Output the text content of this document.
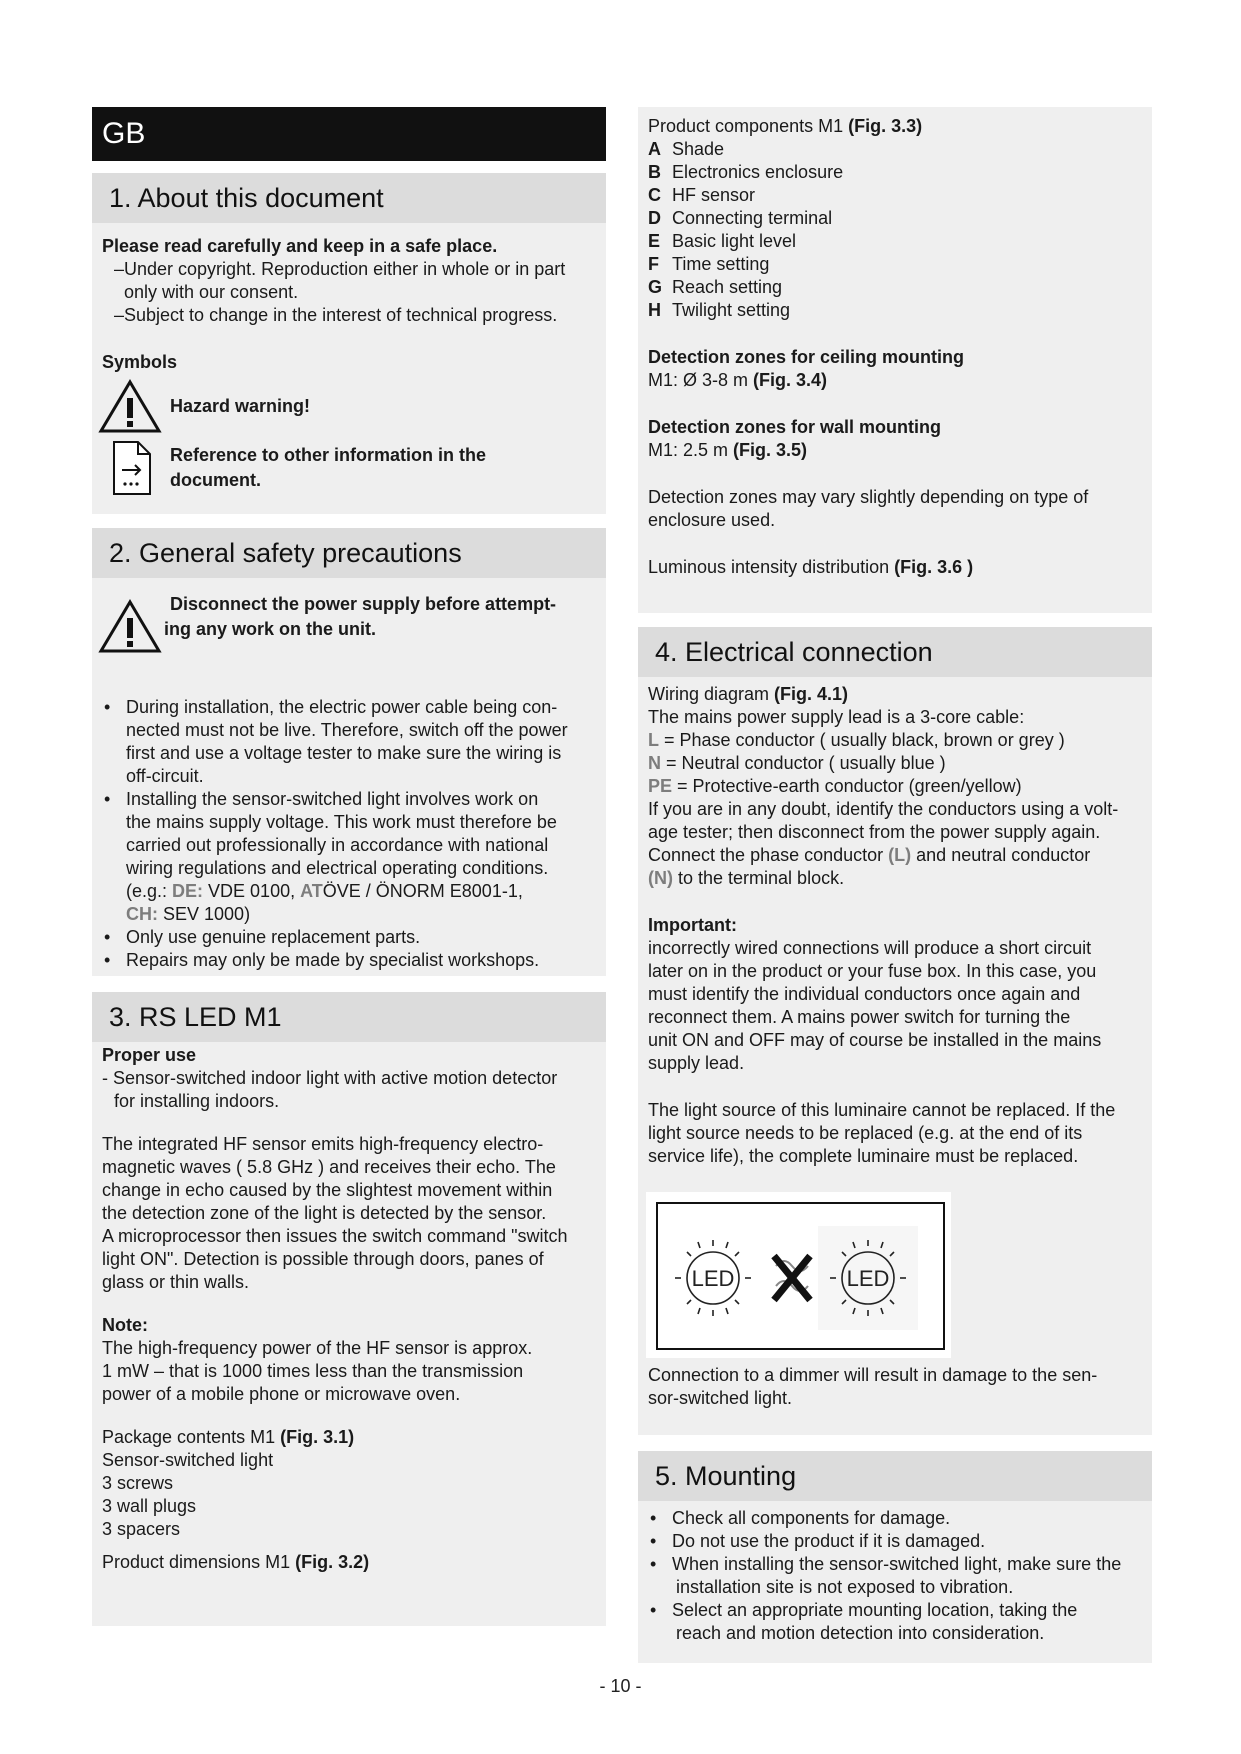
GB
1. About this document

Please read carefully and keep in a safe place.

–Under copyright. Reproduction either in whole or in part

only with our consent.

–Subject to change in the interest of technical progress.

Symbols

Hazard warning!
Reference to other information in the
document.
2. General safety precautions
Disconnect the power supply before attempt-
ing any work on the unit.
• During installation, the electric power cable being con-
nected must not be live. Therefore, switch off the power
first and use a voltage tester to make sure the wiring is
off-circuit.
• Installing the sensor-switched light involves work on
the mains supply voltage. This work must therefore be
carried out professionally in accordance with national
wiring regulations and electrical operating conditions.
(e.g.: DE: VDE 0100, ATÖVE / ÖNORM E8001-1,
CH: SEV 1000)
• Only use genuine replacement parts.
• Repairs may only be made by specialist workshops.
3. RS LED M1

Proper use

- Sensor-switched indoor light with active motion detector

for installing indoors.

The integrated HF sensor emits high-frequency electro-

magnetic waves ( 5.8 GHz ) and receives their echo. The

change in echo caused by the slightest movement within

the detection zone of the light is detected by the sensor.

A microprocessor then issues the switch command "switch

light ON". Detection is possible through doors, panes of

glass or thin walls.

Note:

The high-frequency power of the HF sensor is approx.

1 mW – that is 1000 times less than the transmission

power of a mobile phone or microwave oven.

Package contents M1 (Fig. 3.1)

Sensor-switched light

3 screws

3 wall plugs

3 spacers

Product dimensions M1 (Fig. 3.2)

Product components M1 (Fig. 3.3)

A Shade

B Electronics enclosure

C HF sensor

D Connecting terminal

E Basic light level

F Time setting

G Reach setting

H Twilight setting

Detection zones for ceiling mounting

M1: Ø 3-8 m (Fig. 3.4)

Detection zones for wall mounting

M1: 2.5 m (Fig. 3.5)

Detection zones may vary slightly depending on type of

enclosure used.

Luminous intensity distribution (Fig. 3.6 )

4. Electrical connection

Wiring diagram (Fig. 4.1)

The mains power supply lead is a 3-core cable:

L = Phase conductor ( usually black, brown or grey )

N = Neutral conductor ( usually blue )

PE = Protective-earth conductor (green/yellow)

If you are in any doubt, identify the conductors using a volt-

age tester; then disconnect from the power supply again.

Connect the phase conductor (L) and neutral conductor

(N) to the terminal block.

Important:

incorrectly wired connections will produce a short circuit

later on in the product or your fuse box. In this case, you

must identify the individual conductors once again and

reconnect them. A mains power switch for turning the

unit ON and OFF may of course be installed in the mains

supply lead.

The light source of this luminaire cannot be replaced. If the

light source needs to be replaced (e.g. at the end of its

service life), the complete luminaire must be replaced.

LED	LED

Connection to a dimmer will result in damage to the sen-

sor-switched light.

5. Mounting
• Check all components for damage.
• Do not use the product if it is damaged.
• When installing the sensor-switched light, make sure the
installation site is not exposed to vibration.
• Select an appropriate mounting location, taking the
reach and motion detection into consideration.
- 10 -
